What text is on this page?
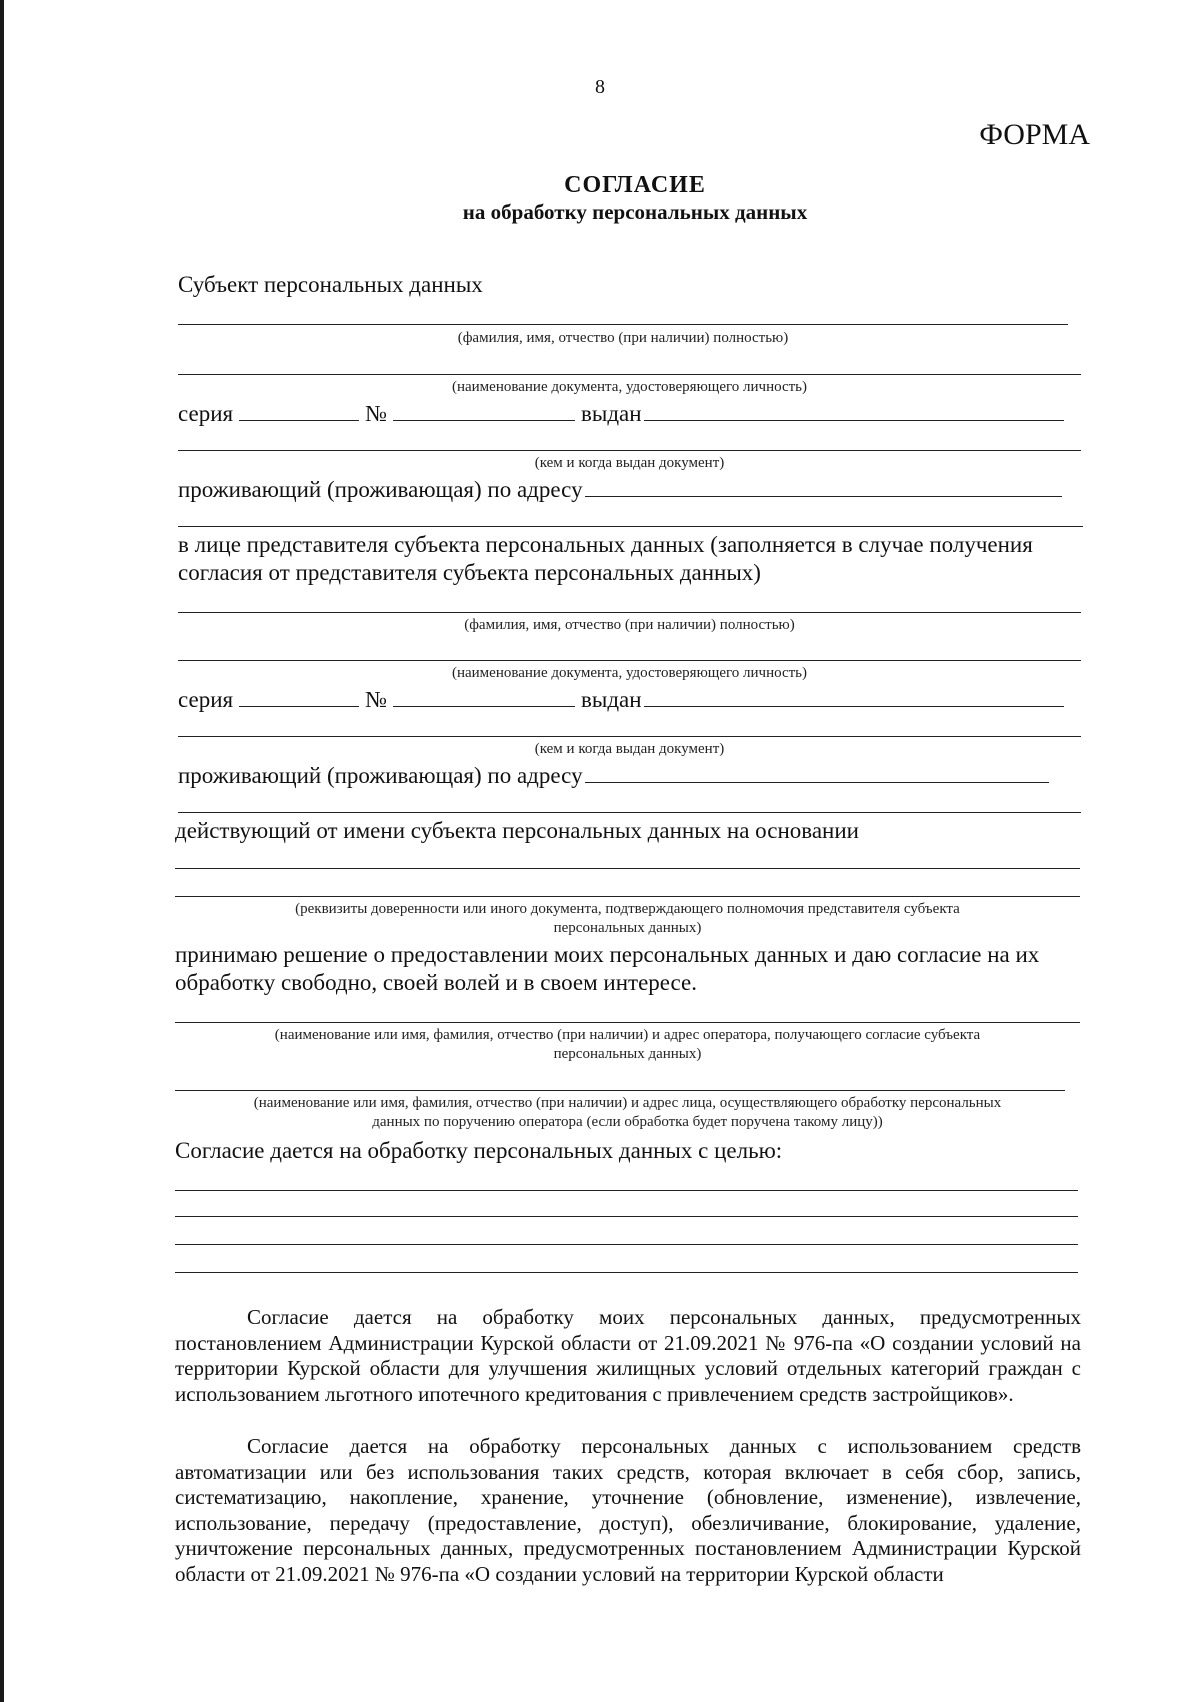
8
ФОРМА
СОГЛАСИЕ
на обработку персональных данных
Субъект персональных данных
(фамилия, имя, отчество (при наличии) полностью)
(наименование документа, удостоверяющего личность)
серия	№	выдан
(кем и когда выдан документ)
проживающий (проживающая) по адресу
в лице представителя субъекта персональных данных (заполняется в случае получения
согласия от представителя субъекта персональных данных)
(фамилия, имя, отчество (при наличии) полностью)
(наименование документа, удостоверяющего личность)
серия	№	выдан
(кем и когда выдан документ)
проживающий (проживающая) по адресу
действующий от имени субъекта персональных данных на основании
(реквизиты доверенности или иного документа, подтверждающего полномочия представителя субъекта
персональных данных)
принимаю решение о предоставлении моих персональных данных и даю согласие на их
обработку свободно, своей волей и в своем интересе.
(наименование или имя, фамилия, отчество (при наличии) и адрес оператора, получающего согласие субъекта
персональных данных)
(наименование или имя, фамилия, отчество (при наличии) и адрес лица, осуществляющего обработку персональных
данных по поручению оператора (если обработка будет поручена такому лицу))
Согласие дается на обработку персональных данных с целью:
Согласие дается на обработку моих персональных данных, предусмотренных постановлением Администрации Курской области от 21.09.2021 № 976-па «О создании условий на территории Курской области для улучшения жилищных условий отдельных категорий граждан с использованием льготного ипотечного кредитования с привлечением средств застройщиков».
Согласие дается на обработку персональных данных с использованием средств автоматизации или без использования таких средств, которая включает в себя сбор, запись, систематизацию, накопление, хранение, уточнение (обновление, изменение), извлечение, использование, передачу (предоставление, доступ), обезличивание, блокирование, удаление, уничтожение персональных данных, предусмотренных постановлением Администрации Курской области от 21.09.2021 № 976-па «О создании условий на территории Курской области
